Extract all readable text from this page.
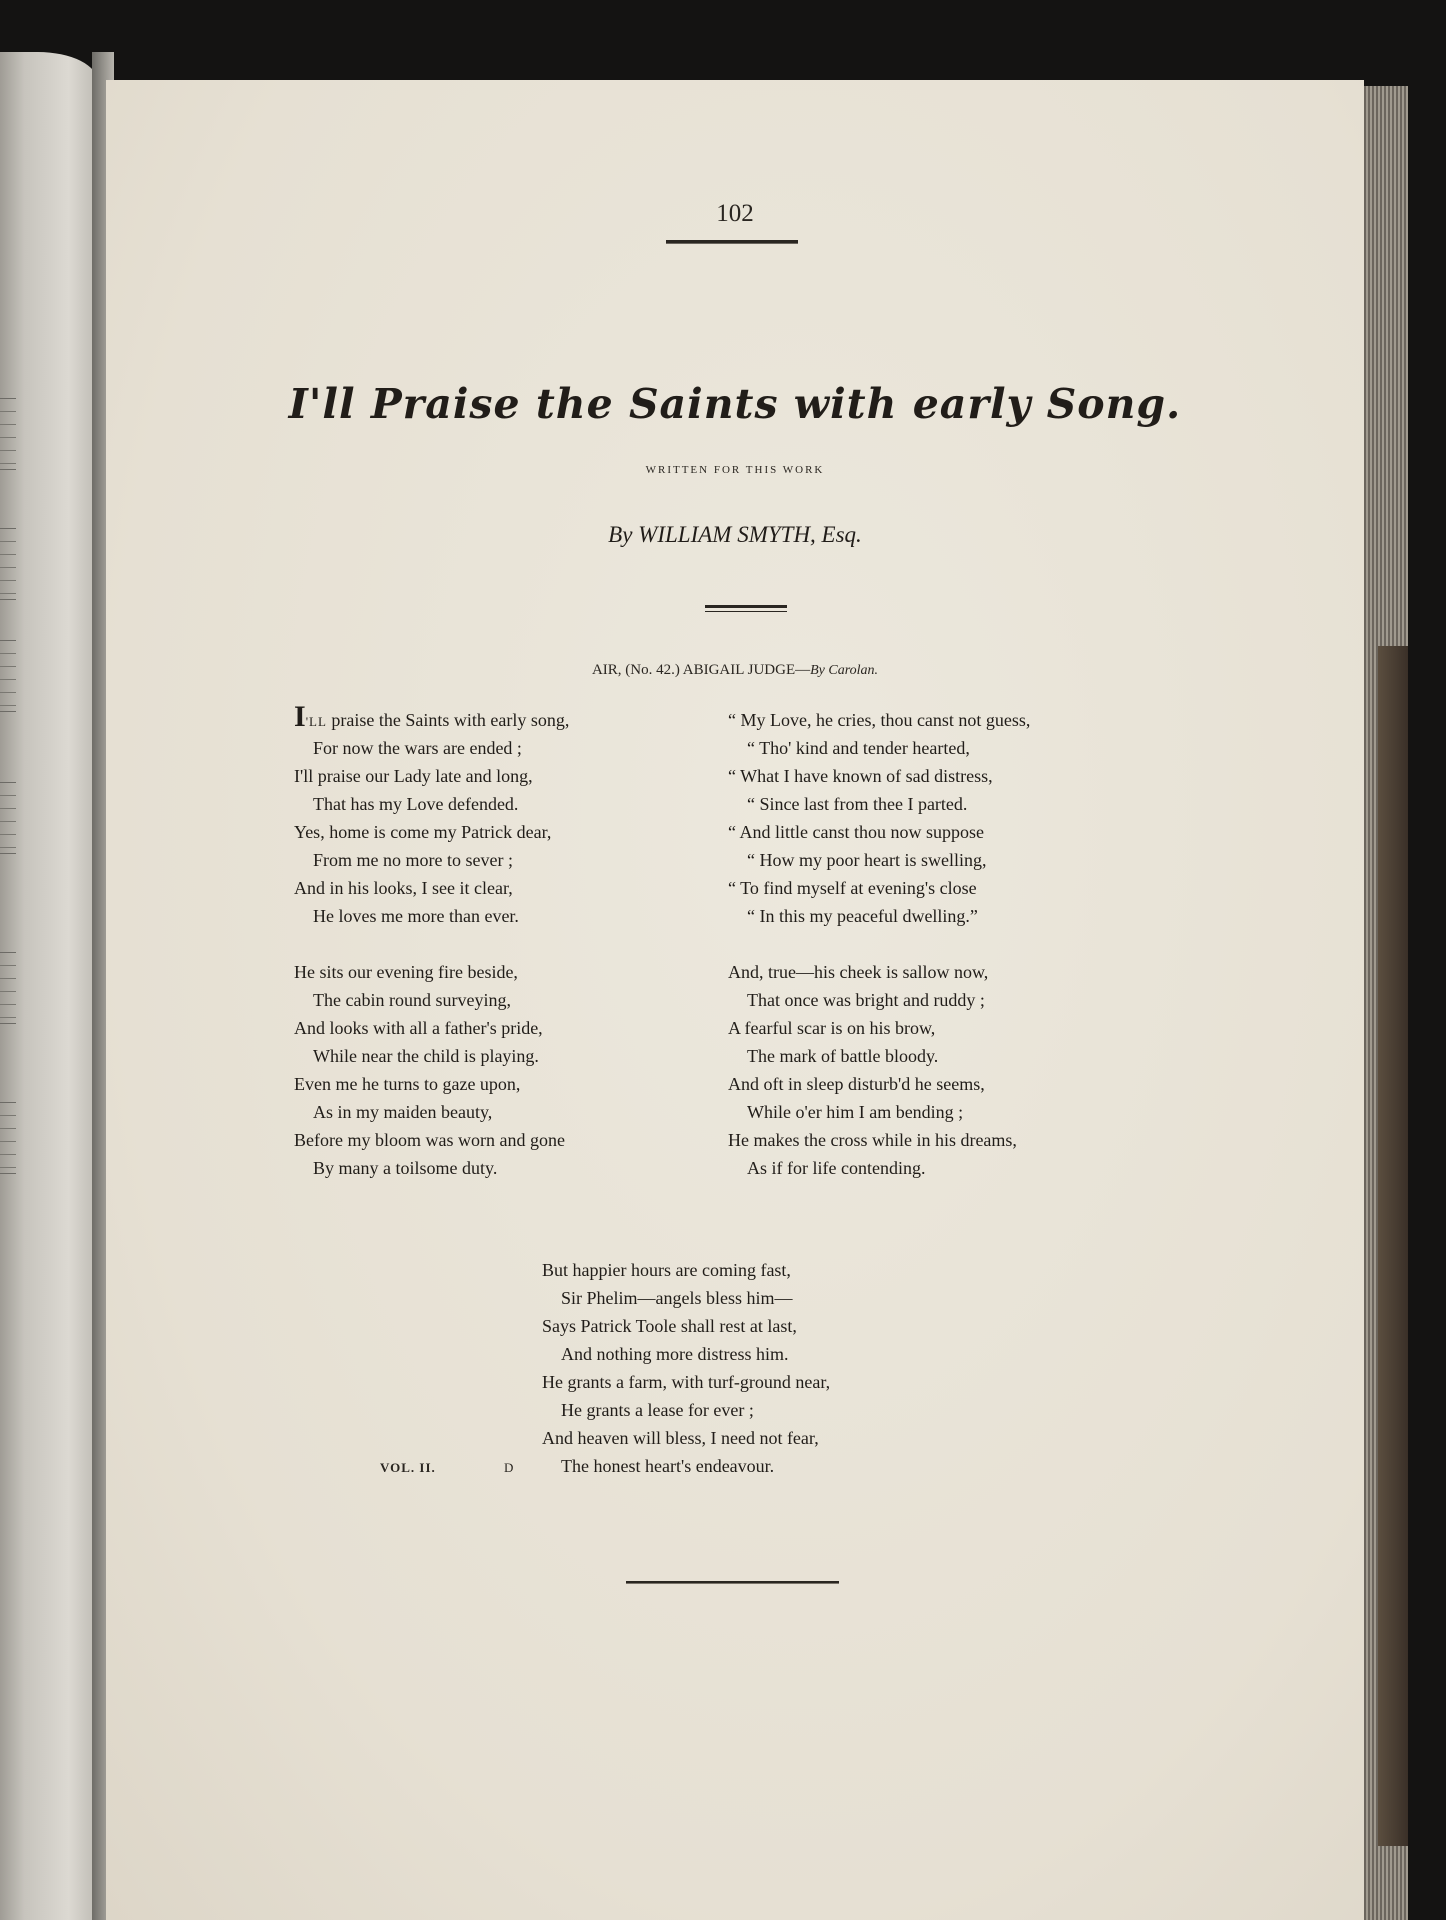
102
I'll Praise the Saints with early Song.
WRITTEN FOR THIS WORK
By WILLIAM SMYTH, Esq.
AIR, (No. 42.) ABIGAIL JUDGE—By Carolan.
I'LL praise the Saints with early song,
For now the wars are ended ;
I'll praise our Lady late and long,
That has my Love defended.
Yes, home is come my Patrick dear,
From me no more to sever ;
And in his looks, I see it clear,
He loves me more than ever.
He sits our evening fire beside,
The cabin round surveying,
And looks with all a father's pride,
While near the child is playing.
Even me he turns to gaze upon,
As in my maiden beauty,
Before my bloom was worn and gone
By many a toilsome duty.
“ My Love, he cries, thou canst not guess,
“ Tho' kind and tender hearted,
“ What I have known of sad distress,
“ Since last from thee I parted.
“ And little canst thou now suppose
“ How my poor heart is swelling,
“ To find myself at evening's close
“ In this my peaceful dwelling.”
And, true—his cheek is sallow now,
That once was bright and ruddy ;
A fearful scar is on his brow,
The mark of battle bloody.
And oft in sleep disturb'd he seems,
While o'er him I am bending ;
He makes the cross while in his dreams,
As if for life contending.
But happier hours are coming fast,
Sir Phelim—angels bless him—
Says Patrick Toole shall rest at last,
And nothing more distress him.
He grants a farm, with turf-ground near,
He grants a lease for ever ;
And heaven will bless, I need not fear,
The honest heart's endeavour.
VOL. II.	D
